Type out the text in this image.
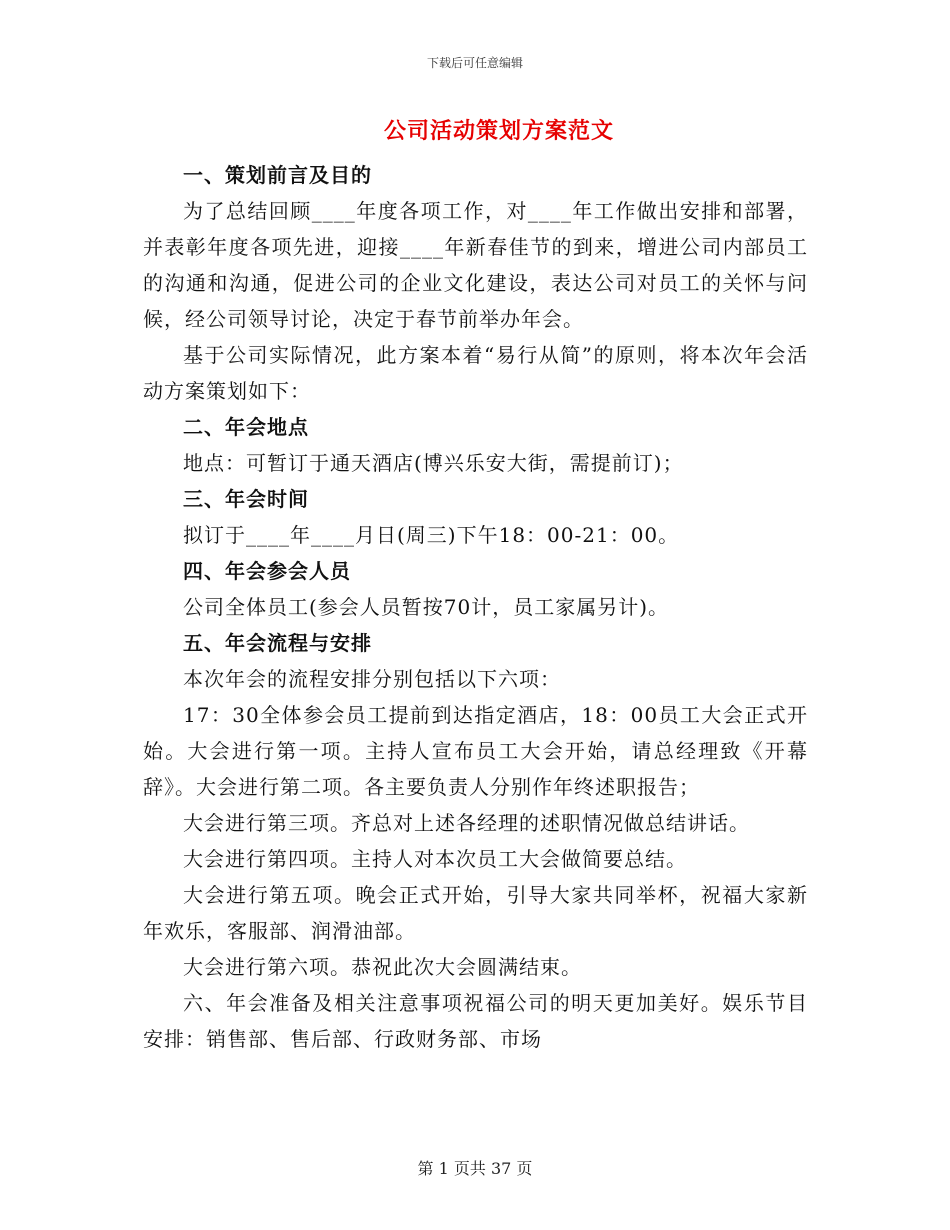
下载后可任意编辑
公司活动策划方案范文

一、策划前言及目的

为了总结回顾____年度各项工作，对____年工作做出安排和部署，并表彰年度各项先进，迎接____年新春佳节的到来，增进公司内部员工的沟通和沟通，促进公司的企业文化建设，表达公司对员工的关怀与问候，经公司领导讨论，决定于春节前举办年会。

基于公司实际情况，此方案本着“易行从简”的原则，将本次年会活动方案策划如下：

二、年会地点

地点：可暂订于通天酒店(博兴乐安大街，需提前订)；

三、年会时间

拟订于____年____月日(周三)下午18：00-21：00。

四、年会参会人员

公司全体员工(参会人员暂按70计，员工家属另计)。

五、年会流程与安排

本次年会的流程安排分别包括以下六项：

17：30全体参会员工提前到达指定酒店，18：00员工大会正式开始。大会进行第一项。主持人宣布员工大会开始，请总经理致《开幕辞》。大会进行第二项。各主要负责人分别作年终述职报告；

大会进行第三项。齐总对上述各经理的述职情况做总结讲话。

大会进行第四项。主持人对本次员工大会做简要总结。

大会进行第五项。晚会正式开始，引导大家共同举杯，祝福大家新年欢乐，客服部、润滑油部。

大会进行第六项。恭祝此次大会圆满结束。

六、年会准备及相关注意事项祝福公司的明天更加美好。娱乐节目安排：销售部、售后部、行政财务部、市场

第 1 页共 37 页
